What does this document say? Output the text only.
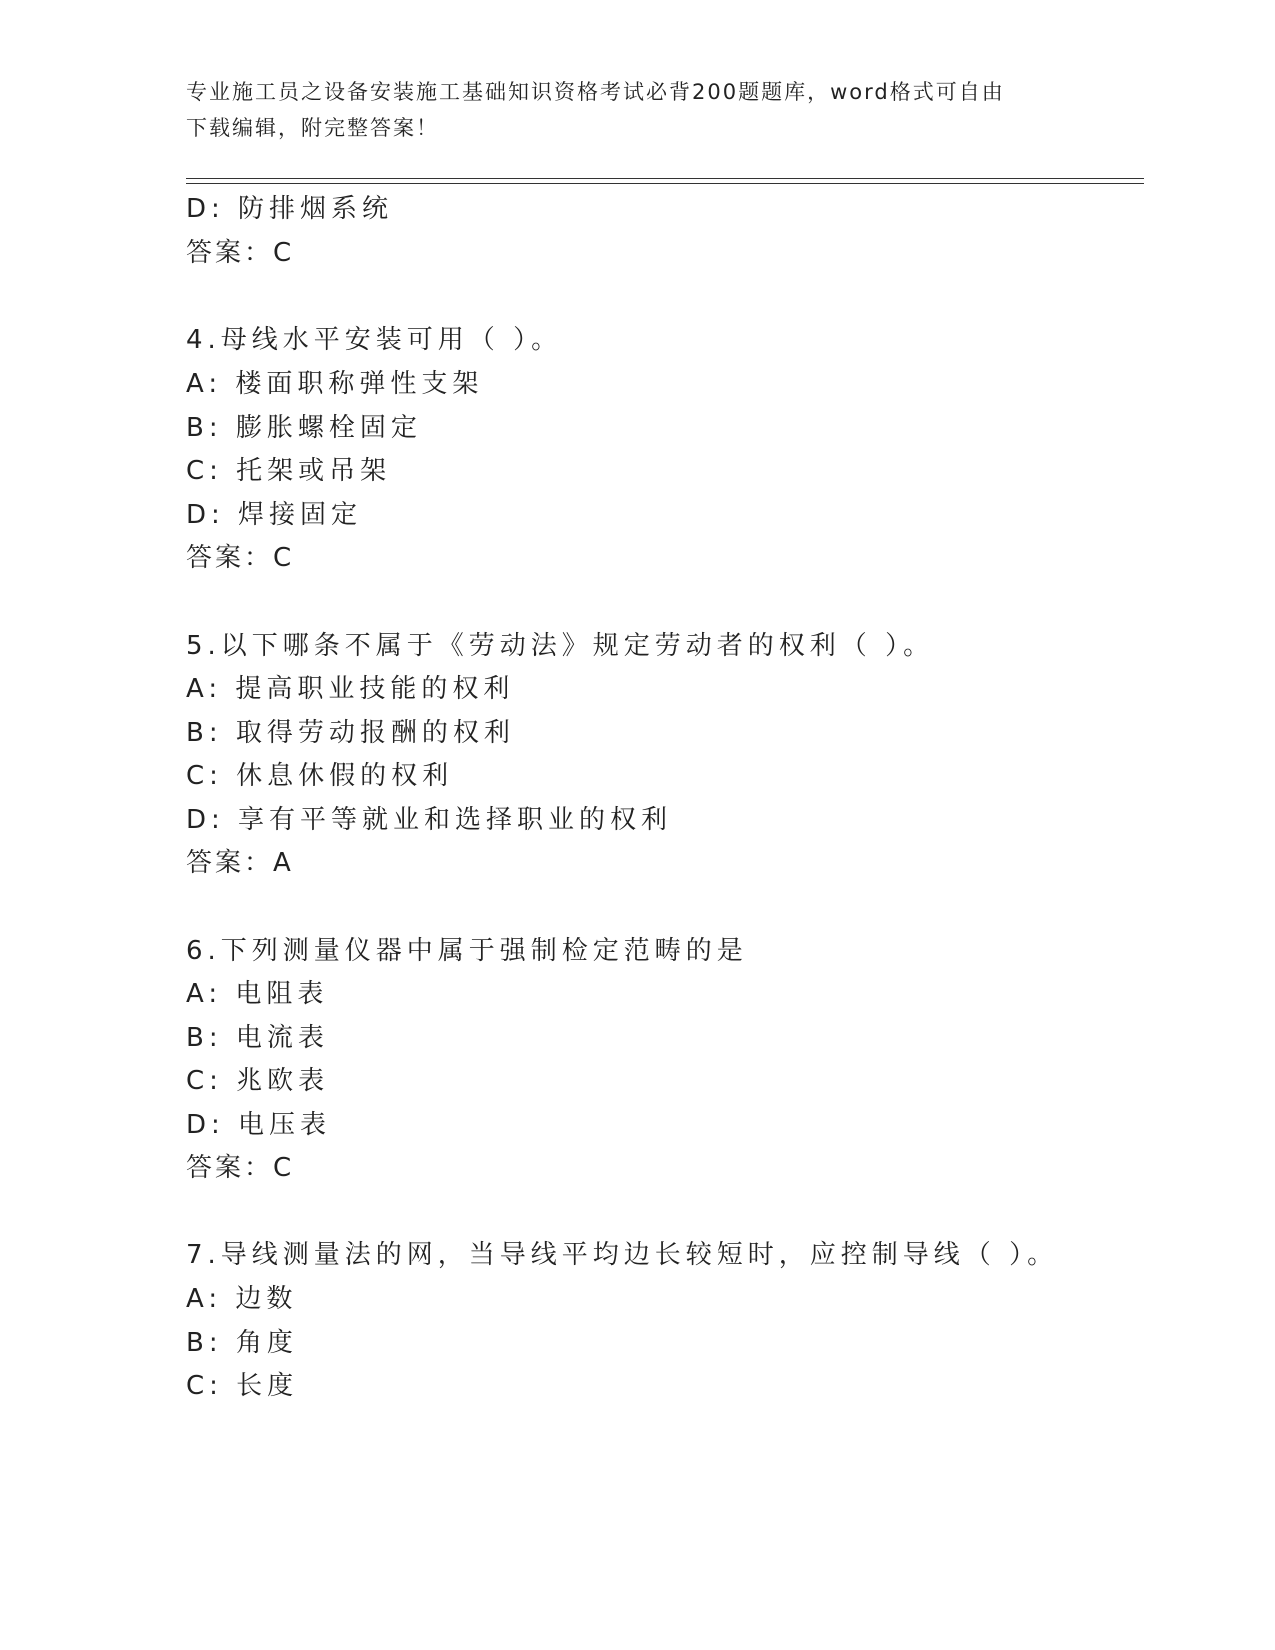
专业施工员之设备安装施工基础知识资格考试必背200题题库，word格式可自由
下载编辑，附完整答案！
D: 防排烟系统
答案：C
4.母线水平安装可用（ ）。
A: 楼面职称弹性支架
B: 膨胀螺栓固定
C: 托架或吊架
D: 焊接固定
答案：C
5.以下哪条不属于《劳动法》规定劳动者的权利（ ）。
A: 提高职业技能的权利
B: 取得劳动报酬的权利
C: 休息休假的权利
D: 享有平等就业和选择职业的权利
答案：A
6.下列测量仪器中属于强制检定范畴的是
A: 电阻表
B: 电流表
C: 兆欧表
D: 电压表
答案：C
7.导线测量法的网，当导线平均边长较短时，应控制导线（ ）。
A: 边数
B: 角度
C: 长度
